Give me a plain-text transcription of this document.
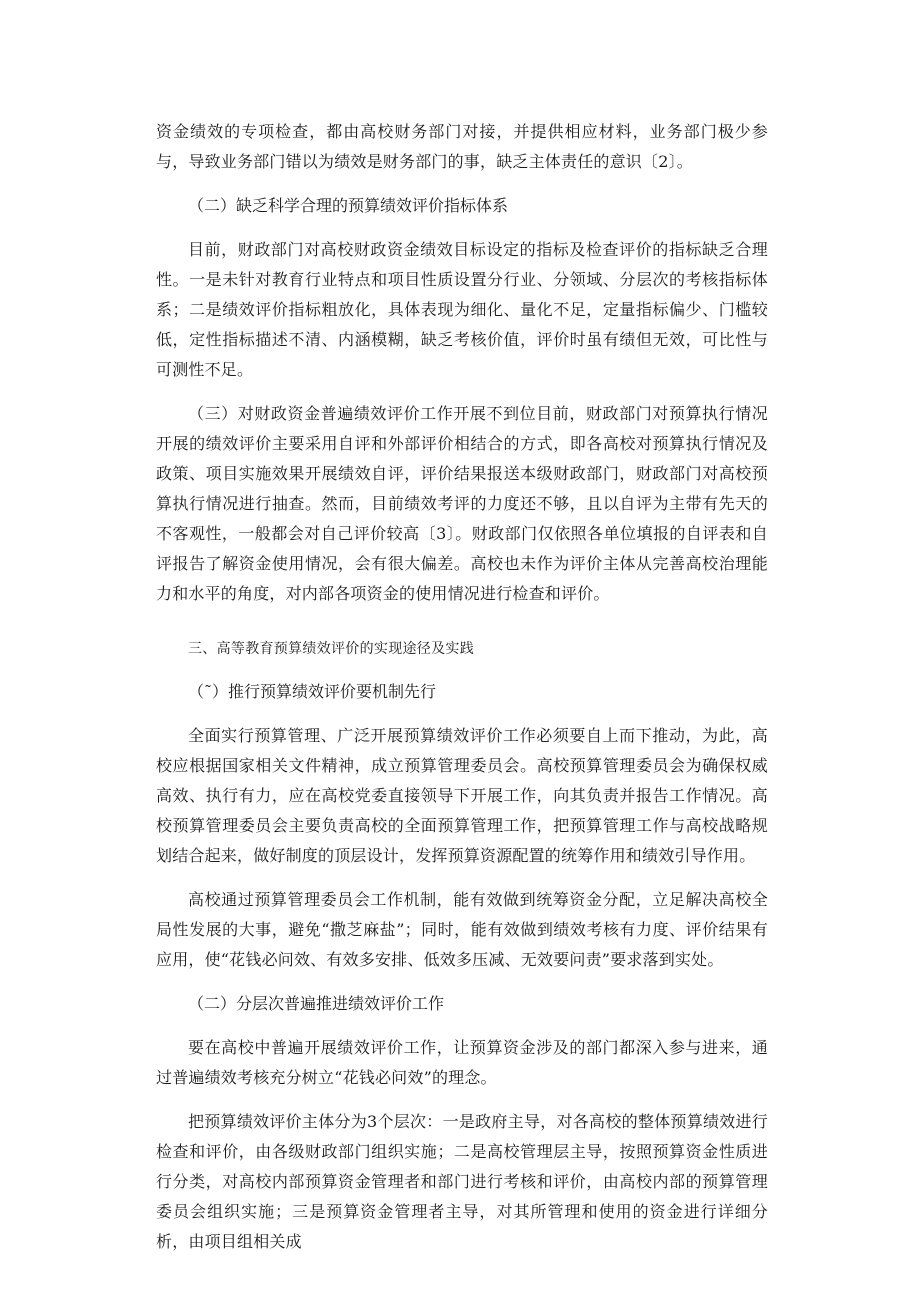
资金绩效的专项检查，都由高校财务部门对接，并提供相应材料，业务部门极少参与，导致业务部门错以为绩效是财务部门的事，缺乏主体责任的意识〔2〕。

（二）缺乏科学合理的预算绩效评价指标体系

目前，财政部门对高校财政资金绩效目标设定的指标及检查评价的指标缺乏合理性。一是未针对教育行业特点和项目性质设置分行业、分领域、分层次的考核指标体系；二是绩效评价指标粗放化，具体表现为细化、量化不足，定量指标偏少、门槛较低，定性指标描述不清、内涵模糊，缺乏考核价值，评价时虽有绩但无效，可比性与可测性不足。

（三）对财政资金普遍绩效评价工作开展不到位目前，财政部门对预算执行情况开展的绩效评价主要采用自评和外部评价相结合的方式，即各高校对预算执行情况及政策、项目实施效果开展绩效自评，评价结果报送本级财政部门，财政部门对高校预算执行情况进行抽查。然而，目前绩效考评的力度还不够，且以自评为主带有先天的不客观性，一般都会对自己评价较高〔3〕。财政部门仅依照各单位填报的自评表和自评报告了解资金使用情况，会有很大偏差。高校也未作为评价主体从完善高校治理能力和水平的角度，对内部各项资金的使用情况进行检查和评价。

三、高等教育预算绩效评价的实现途径及实践

（˜）推行预算绩效评价要机制先行

全面实行预算管理、广泛开展预算绩效评价工作必须要自上而下推动，为此，高校应根据国家相关文件精神，成立预算管理委员会。高校预算管理委员会为确保权威高效、执行有力，应在高校党委直接领导下开展工作，向其负责并报告工作情况。高校预算管理委员会主要负责高校的全面预算管理工作，把预算管理工作与高校战略规划结合起来，做好制度的顶层设计，发挥预算资源配置的统筹作用和绩效引导作用。

高校通过预算管理委员会工作机制，能有效做到统筹资金分配，立足解决高校全局性发展的大事，避免“撒芝麻盐”；同时，能有效做到绩效考核有力度、评价结果有应用，使“花钱必问效、有效多安排、低效多压减、无效要问责”要求落到实处。

（二）分层次普遍推进绩效评价工作

要在高校中普遍开展绩效评价工作，让预算资金涉及的部门都深入参与进来，通过普遍绩效考核充分树立“花钱必问效”的理念。

把预算绩效评价主体分为3个层次：一是政府主导，对各高校的整体预算绩效进行检查和评价，由各级财政部门组织实施；二是高校管理层主导，按照预算资金性质进行分类，对高校内部预算资金管理者和部门进行考核和评价，由高校内部的预算管理委员会组织实施；三是预算资金管理者主导，对其所管理和使用的资金进行详细分析，由项目组相关成
